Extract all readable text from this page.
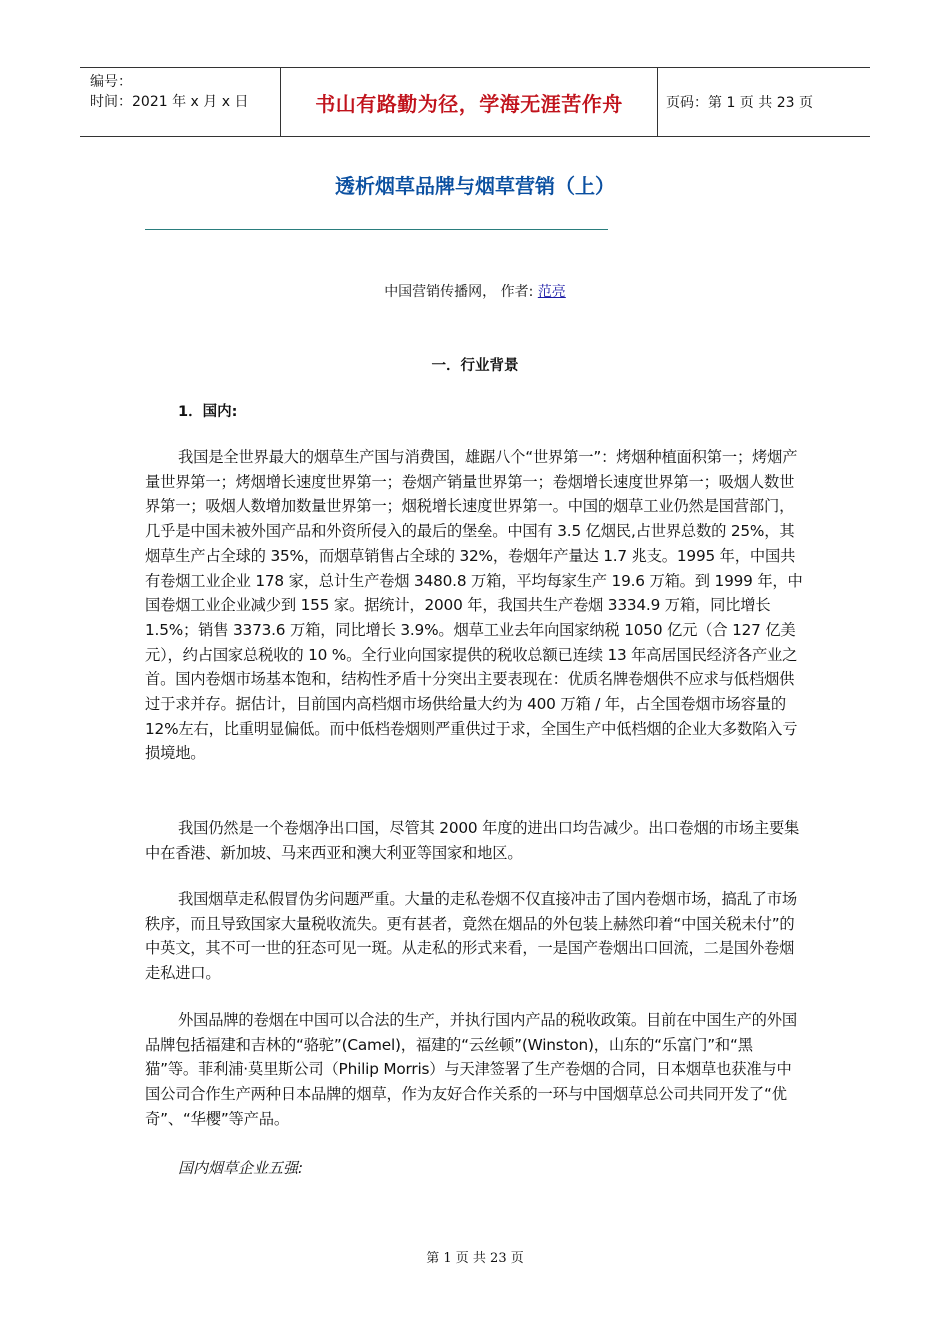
编号：
时间：2021 年 x 月 x 日	书山有路勤为径，学海无涯苦作舟	页码：第 1 页 共 23 页
透析烟草品牌与烟草营销（上）
中国营销传播网， 作者: 范亮
一．行业背景
1．国内:

我国是全世界最大的烟草生产国与消费国，雄踞八个“世界第一”：烤烟种植面积第一；烤烟产量世界第一；烤烟增长速度世界第一；卷烟产销量世界第一；卷烟增长速度世界第一；吸烟人数世界第一；吸烟人数增加数量世界第一；烟税增长速度世界第一。中国的烟草工业仍然是国营部门，几乎是中国未被外国产品和外资所侵入的最后的堡垒。中国有 3.5 亿烟民,占世界总数的 25%，其烟草生产占全球的 35%，而烟草销售占全球的 32%，卷烟年产量达 1.7 兆支。1995 年，中国共有卷烟工业企业 178 家，总计生产卷烟 3480.8 万箱，平均每家生产 19.6 万箱。到 1999 年，中国卷烟工业企业减少到 155 家。据统计，2000 年，我国共生产卷烟 3334.9 万箱，同比增长 1.5%；销售 3373.6 万箱，同比增长 3.9%。烟草工业去年向国家纳税 1050 亿元（合 127 亿美元），约占国家总税收的 10 %。全行业向国家提供的税收总额已连续 13 年高居国民经济各产业之首。国内卷烟市场基本饱和，结构性矛盾十分突出主要表现在：优质名牌卷烟供不应求与低档烟供过于求并存。据估计，目前国内高档烟市场供给量大约为 400 万箱 / 年，占全国卷烟市场容量的 12%左右，比重明显偏低。而中低档卷烟则严重供过于求，全国生产中低档烟的企业大多数陷入亏损境地。

我国仍然是一个卷烟净出口国，尽管其 2000 年度的进出口均告减少。出口卷烟的市场主要集中在香港、新加坡、马来西亚和澳大利亚等国家和地区。

我国烟草走私假冒伪劣问题严重。大量的走私卷烟不仅直接冲击了国内卷烟市场，搞乱了市场秩序，而且导致国家大量税收流失。更有甚者，竟然在烟品的外包装上赫然印着“中国关税未付”的中英文，其不可一世的狂态可见一斑。从走私的形式来看，一是国产卷烟出口回流，二是国外卷烟走私进口。

外国品牌的卷烟在中国可以合法的生产，并执行国内产品的税收政策。目前在中国生产的外国品牌包括福建和吉林的“骆驼”(Camel)，福建的“云丝顿”(Winston)，山东的“乐富门”和“黑猫”等。菲利浦·莫里斯公司（Philip Morris）与天津签署了生产卷烟的合同，日本烟草也获准与中国公司合作生产两种日本品牌的烟草，作为友好合作关系的一环与中国烟草总公司共同开发了“优奇”、“华樱”等产品。

国内烟草企业五强:
第 1 页 共 23 页
